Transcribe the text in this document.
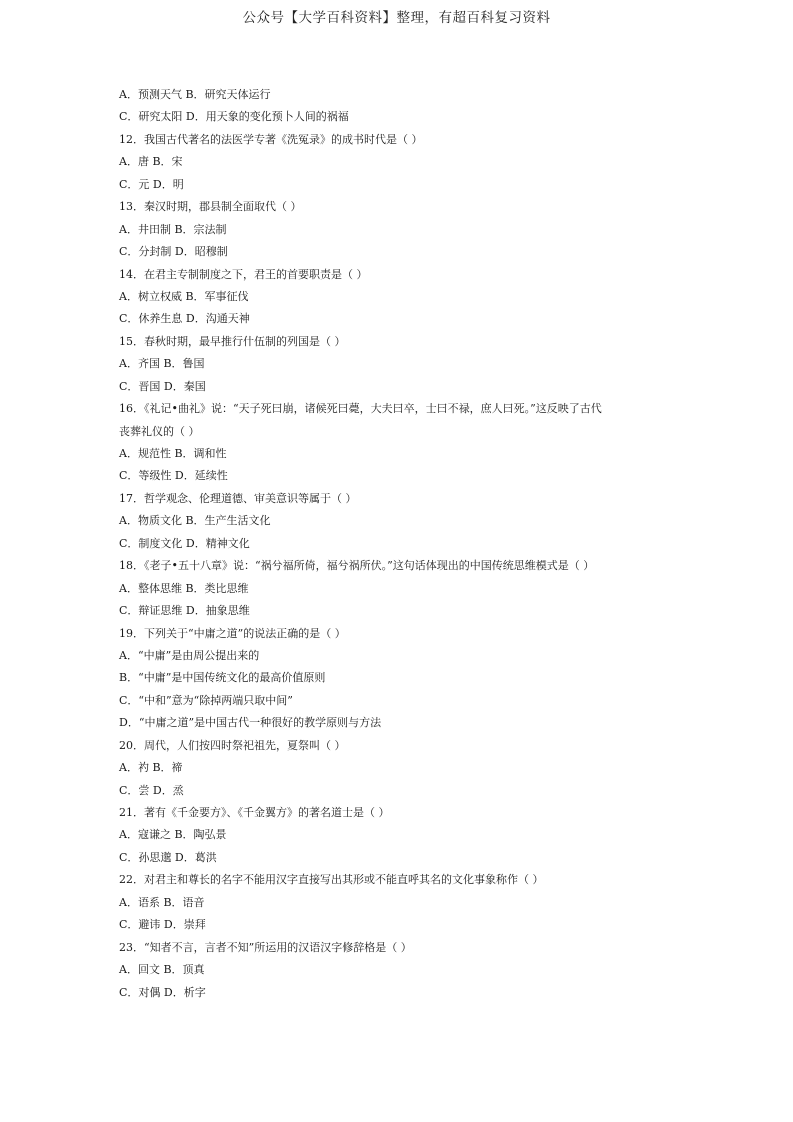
公众号【大学百科资料】整理，有超百科复习资料
A．预测天气 B．研究天体运行
C．研究太阳 D．用天象的变化预卜人间的祸福
12．我国古代著名的法医学专著《洗冤录》的成书时代是（ ）
A．唐 B．宋
C．元 D．明
13．秦汉时期，郡县制全面取代（ ）
A．井田制 B．宗法制
C．分封制 D．昭穆制
14．在君主专制制度之下，君王的首要职责是（ ）
A．树立权威 B．军事征伐
C．休养生息 D．沟通天神
15．春秋时期，最早推行什伍制的列国是（ ）
A．齐国 B．鲁国
C．晋国 D．秦国
16．《礼记•曲礼》说：“天子死曰崩，诸候死曰薨，大夫曰卒，士曰不禄，庶人曰死。”这反映了古代
丧葬礼仪的（ ）
A．规范性 B．调和性
C．等级性 D．延续性
17．哲学观念、伦理道德、审美意识等属于（ ）
A．物质文化 B．生产生活文化
C．制度文化 D．精神文化
18．《老子•五十八章》说：“祸兮福所倚，福兮祸所伏。”这句话体现出的中国传统思维模式是（ ）
A．整体思维 B．类比思维
C．辩证思维 D．抽象思维
19．下列关于“中庸之道”的说法正确的是（ ）
A．“中庸”是由周公提出来的
B．“中庸”是中国传统文化的最高价值原则
C．“中和”意为“除掉两端只取中间”
D．“中庸之道”是中国古代一种很好的教学原则与方法
20．周代，人们按四时祭祀祖先，夏祭叫（ ）
A．礿 B．禘
C．尝 D．烝
21．著有《千金要方》、《千金翼方》的著名道士是（ ）
A．寇谦之 B．陶弘景
C．孙思邈 D．葛洪
22．对君主和尊长的名字不能用汉字直接写出其形或不能直呼其名的文化事象称作（ ）
A．语系 B．语音
C．避讳 D．崇拜
23．“知者不言，言者不知”所运用的汉语汉字修辞格是（ ）
A．回文 B．顶真
C．对偶 D．析字
